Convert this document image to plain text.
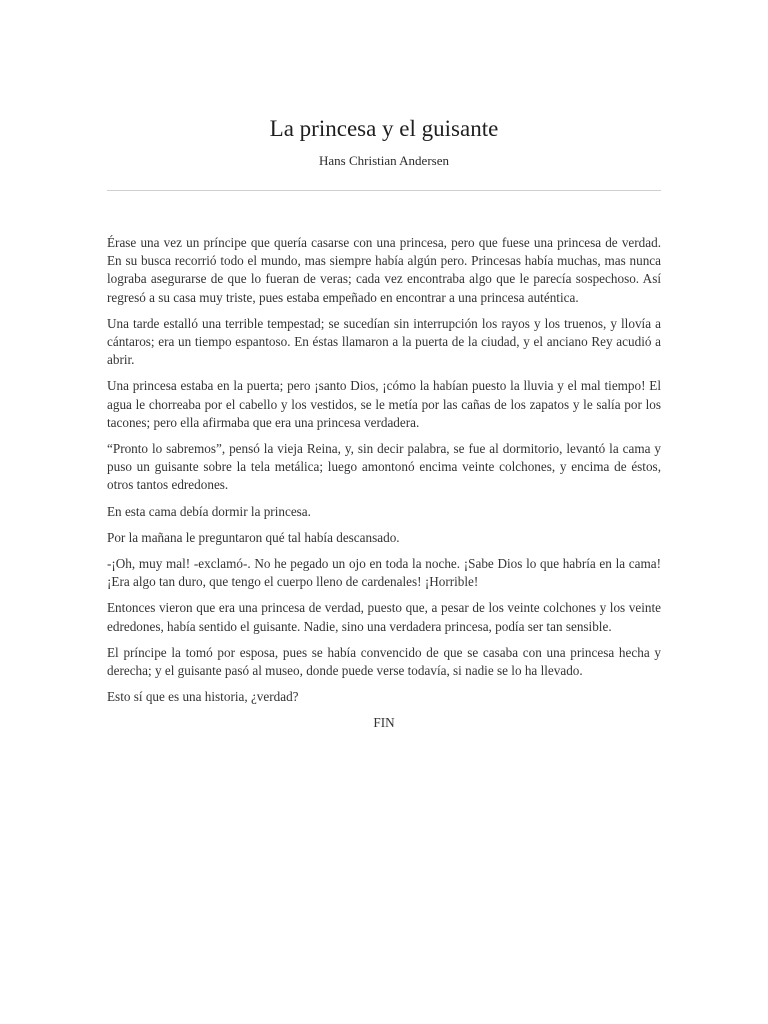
La princesa y el guisante

Hans Christian Andersen

Érase una vez un príncipe que quería casarse con una princesa, pero que fuese una princesa de verdad. En su busca recorrió todo el mundo, mas siempre había algún pero. Princesas había muchas, mas nunca lograba asegurarse de que lo fueran de veras; cada vez encontraba algo que le parecía sospechoso. Así regresó a su casa muy triste, pues estaba empeñado en encontrar a una princesa auténtica.

Una tarde estalló una terrible tempestad; se sucedían sin interrupción los rayos y los truenos, y llovía a cántaros; era un tiempo espantoso. En éstas llamaron a la puerta de la ciudad, y el anciano Rey acudió a abrir.

Una princesa estaba en la puerta; pero ¡santo Dios, ¡cómo la habían puesto la lluvia y el mal tiempo! El agua le chorreaba por el cabello y los vestidos, se le metía por las cañas de los zapatos y le salía por los tacones; pero ella afirmaba que era una princesa verdadera.

“Pronto lo sabremos”, pensó la vieja Reina, y, sin decir palabra, se fue al dormitorio, levantó la cama y puso un guisante sobre la tela metálica; luego amontonó encima veinte colchones, y encima de éstos, otros tantos edredones.

En esta cama debía dormir la princesa.

Por la mañana le preguntaron qué tal había descansado.

-¡Oh, muy mal! -exclamó-. No he pegado un ojo en toda la noche. ¡Sabe Dios lo que habría en la cama! ¡Era algo tan duro, que tengo el cuerpo lleno de cardenales! ¡Horrible!

Entonces vieron que era una princesa de verdad, puesto que, a pesar de los veinte colchones y los veinte edredones, había sentido el guisante. Nadie, sino una verdadera princesa, podía ser tan sensible.

El príncipe la tomó por esposa, pues se había convencido de que se casaba con una princesa hecha y derecha; y el guisante pasó al museo, donde puede verse todavía, si nadie se lo ha llevado.

Esto sí que es una historia, ¿verdad?

FIN
